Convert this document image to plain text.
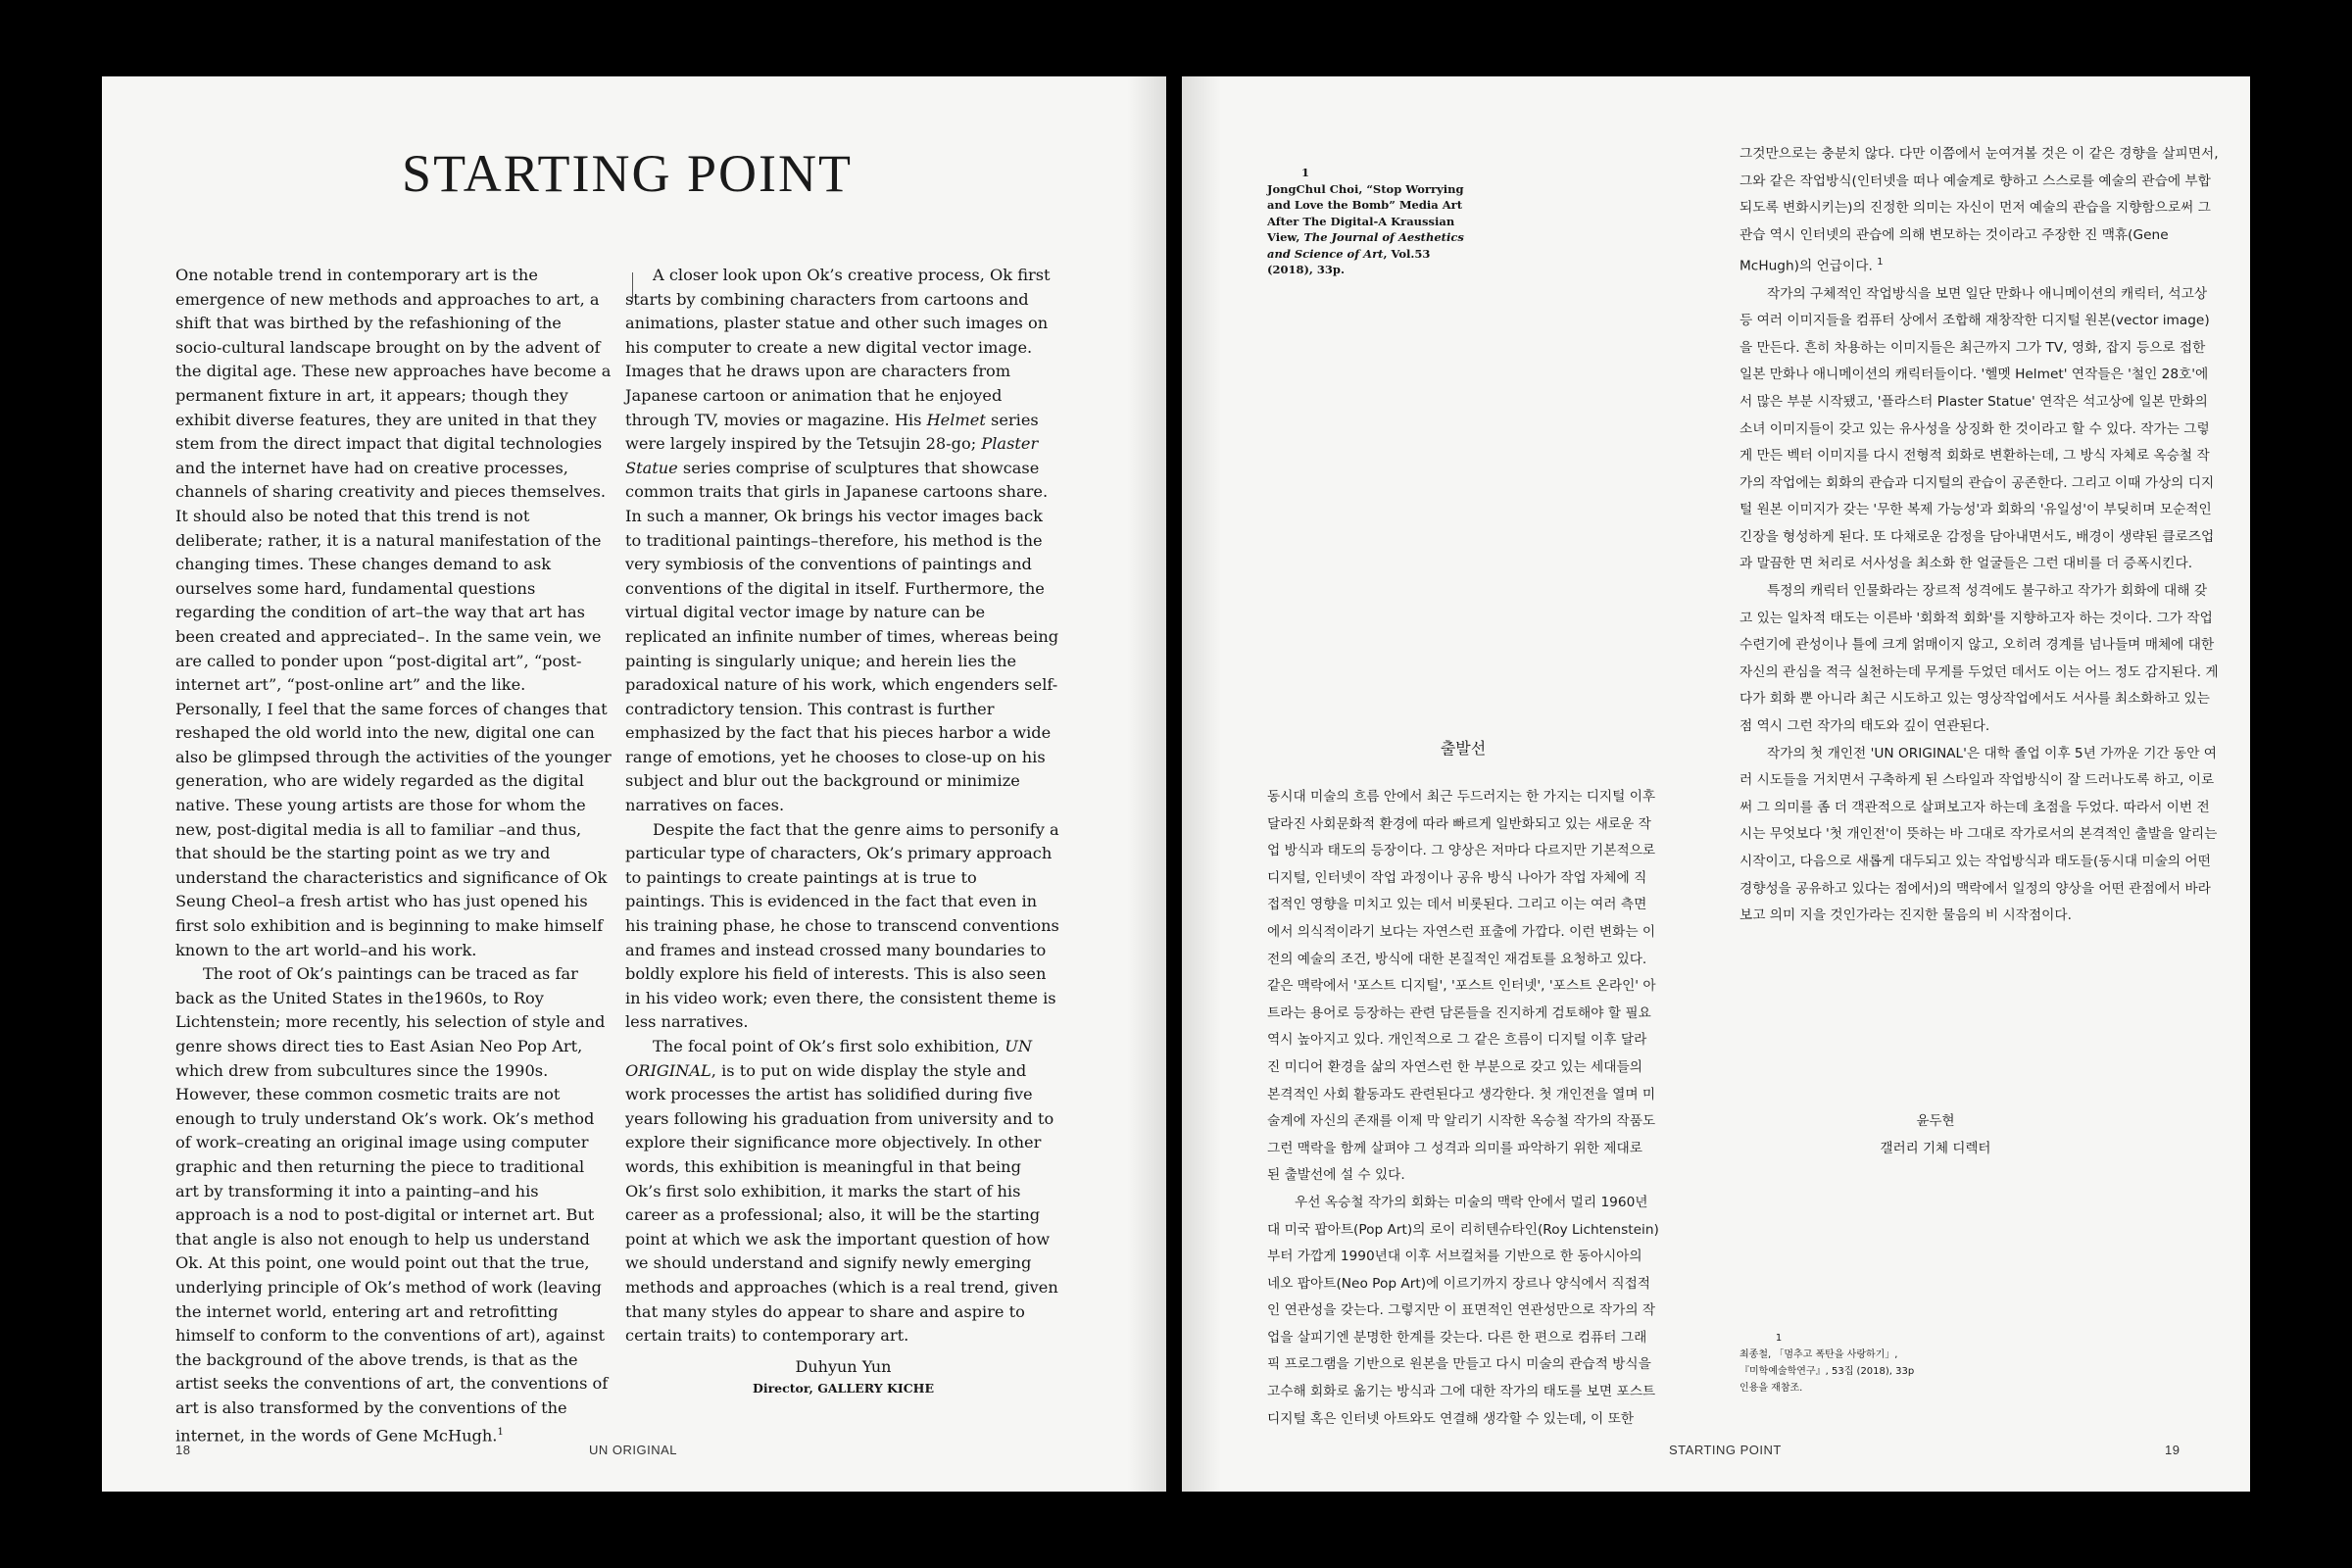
STARTING POINT

One notable trend in contemporary art is the emergence of new methods and approaches to art, a shift that was birthed by the refashioning of the socio-cultural landscape brought on by the advent of the digital age. These new approaches have become a permanent fixture in art, it appears; though they exhibit diverse features, they are united in that they stem from the direct impact that digital technologies and the internet have had on creative processes, channels of sharing creativity and pieces themselves. It should also be noted that this trend is not deliberate; rather, it is a natural manifestation of the changing times. These changes demand to ask ourselves some hard, fundamental questions regarding the condition of art–the way that art has been created and appreciated–. In the same vein, we are called to ponder upon “post-digital art”, “post-internet art”, “post-online art” and the like. Personally, I feel that the same forces of changes that reshaped the old world into the new, digital one can also be glimpsed through the activities of the younger generation, who are widely regarded as the digital native. These young artists are those for whom the new, post-digital media is all to familiar –and thus, that should be the starting point as we try and understand the characteristics and significance of Ok Seung Cheol–a fresh artist who has just opened his first solo exhibition and is beginning to make himself known to the art world–and his work.

The root of Ok’s paintings can be traced as far back as the United States in the1960s, to Roy Lichtenstein; more recently, his selection of style and genre shows direct ties to East Asian Neo Pop Art, which drew from subcultures since the 1990s. However, these common cosmetic traits are not enough to truly understand Ok’s work. Ok’s method of work–creating an original image using computer graphic and then returning the piece to traditional art by transforming it into a painting–and his approach is a nod to post-digital or internet art. But that angle is also not enough to help us understand Ok. At this point, one would point out that the true, underlying principle of Ok’s method of work (leaving the internet world, entering art and retrofitting himself to conform to the conventions of art), against the background of the above trends, is that as the artist seeks the conventions of art, the conventions of art is also transformed by the conventions of the internet, in the words of Gene McHugh.$^1$

A closer look upon Ok’s creative process, Ok first starts by combining characters from cartoons and animations, plaster statue and other such images on his computer to create a new digital vector image. Images that he draws upon are characters from Japanese cartoon or animation that he enjoyed through TV, movies or magazine. His Helmet series were largely inspired by the Tetsujin 28-go; Plaster Statue series comprise of sculptures that showcase common traits that girls in Japanese cartoons share. In such a manner, Ok brings his vector images back to traditional paintings–therefore, his method is the very symbiosis of the conventions of paintings and conventions of the digital in itself. Furthermore, the virtual digital vector image by nature can be replicated an infinite number of times, whereas being painting is singularly unique; and herein lies the paradoxical nature of his work, which engenders self-contradictory tension. This contrast is further emphasized by the fact that his pieces harbor a wide range of emotions, yet he chooses to close-up on his subject and blur out the background or minimize narratives on faces.

Despite the fact that the genre aims to personify a particular type of characters, Ok’s primary approach to paintings to create paintings at is true to paintings. This is evidenced in the fact that even in his training phase, he chose to transcend conventions and frames and instead crossed many boundaries to boldly explore his field of interests. This is also seen in his video work; even there, the consistent theme is less narratives.

The focal point of Ok’s first solo exhibition, UN ORIGINAL, is to put on wide display the style and work processes the artist has solidified during five years following his graduation from university and to explore their significance more objectively. In other words, this exhibition is meaningful in that being Ok’s first solo exhibition, it marks the start of his career as a professional; also, it will be the starting point at which we ask the important question of how we should understand and signify newly emerging methods and approaches (which is a real trend, given that many styles do appear to share and aspire to certain traits) to contemporary art.

Duhyun Yun
Director, GALLERY KICHE
18	UN ORIGINAL
1
JongChul Choi, “Stop Worrying and Love the Bomb” Media Art After The Digital-A Kraussian View, The Journal of Aesthetics and Science of Art, Vol.53 (2018), 33p.

그것만으로는 충분치 않다. 다만 이쯤에서 눈여겨볼 것은 이 같은 경향을 살피면서, 그와 같은 작업방식(인터넷을 떠나 예술계로 향하고 스스로를 예술의 관습에 부합되도록 변화시키는)의 진정한 의미는 자신이 먼저 예술의 관습을 지향함으로써 그 관습 역시 인터넷의 관습에 의해 변모하는 것이라고 주장한 진 맥휴(Gene McHugh)의 언급이다. $^1$

작가의 구체적인 작업방식을 보면 일단 만화나 애니메이션의 캐릭터, 석고상 등 여러 이미지들을 컴퓨터 상에서 조합해 재창작한 디지털 원본(vector image)을 만든다. 흔히 차용하는 이미지들은 최근까지 그가 TV, 영화, 잡지 등으로 접한 일본 만화나 애니메이션의 캐릭터들이다. '헬멧 Helmet' 연작들은 '철인 28호'에서 많은 부분 시작됐고, '플라스터 Plaster Statue' 연작은 석고상에 일본 만화의 소녀 이미지들이 갖고 있는 유사성을 상징화 한 것이라고 할 수 있다. 작가는 그렇게 만든 벡터 이미지를 다시 전형적 회화로 변환하는데, 그 방식 자체로 옥승철 작가의 작업에는 회화의 관습과 디지털의 관습이 공존한다. 그리고 이때 가상의 디지털 원본 이미지가 갖는 '무한 복제 가능성'과 회화의 '유일성'이 부딪히며 모순적인 긴장을 형성하게 된다. 또 다채로운 감정을 담아내면서도, 배경이 생략된 클로즈업과 말끔한 면 처리로 서사성을 최소화 한 얼굴들은 그런 대비를 더 증폭시킨다.

특정의 캐릭터 인물화라는 장르적 성격에도 불구하고 작가가 회화에 대해 갖고 있는 일차적 태도는 이른바 '회화적 회화'를 지향하고자 하는 것이다. 그가 작업 수련기에 관성이나 틀에 크게 얽매이지 않고, 오히려 경계를 넘나들며 매체에 대한 자신의 관심을 적극 실천하는데 무게를 두었던 데서도 이는 어느 정도 감지된다. 게다가 회화 뿐 아니라 최근 시도하고 있는 영상작업에서도 서사를 최소화하고 있는 점 역시 그런 작가의 태도와 깊이 연관된다.

작가의 첫 개인전 'UN ORIGINAL'은 대학 졸업 이후 5년 가까운 기간 동안 여러 시도들을 거치면서 구축하게 된 스타일과 작업방식이 잘 드러나도록 하고, 이로써 그 의미를 좀 더 객관적으로 살펴보고자 하는데 초점을 두었다. 따라서 이번 전시는 무엇보다 '첫 개인전'이 뜻하는 바 그대로 작가로서의 본격적인 출발을 알리는 시작이고, 다음으로 새롭게 대두되고 있는 작업방식과 태도들(동시대 미술의 어떤 경향성을 공유하고 있다는 점에서)의 맥락에서 일정의 양상을 어떤 관점에서 바라보고 의미 지을 것인가라는 진지한 물음의 비 시작점이다.

출발선

동시대 미술의 흐름 안에서 최근 두드러지는 한 가지는 디지털 이후 달라진 사회문화적 환경에 따라 빠르게 일반화되고 있는 새로운 작업 방식과 태도의 등장이다. 그 양상은 저마다 다르지만 기본적으로 디지털, 인터넷이 작업 과정이나 공유 방식 나아가 작업 자체에 직접적인 영향을 미치고 있는 데서 비롯된다. 그리고 이는 여러 측면에서 의식적이라기 보다는 자연스런 표출에 가깝다. 이런 변화는 이전의 예술의 조건, 방식에 대한 본질적인 재검토를 요청하고 있다. 같은 맥락에서 '포스트 디지털', '포스트 인터넷', '포스트 온라인' 아트라는 용어로 등장하는 관련 담론들을 진지하게 검토해야 할 필요 역시 높아지고 있다. 개인적으로 그 같은 흐름이 디지털 이후 달라진 미디어 환경을 삶의 자연스런 한 부분으로 갖고 있는 세대들의 본격적인 사회 활동과도 관련된다고 생각한다. 첫 개인전을 열며 미술계에 자신의 존재를 이제 막 알리기 시작한 옥승철 작가의 작품도 그런 맥락을 함께 살펴야 그 성격과 의미를 파악하기 위한 제대로 된 출발선에 설 수 있다.

우선 옥승철 작가의 회화는 미술의 맥락 안에서 멀리 1960년대 미국 팝아트(Pop Art)의 로이 리히텐슈타인(Roy Lichtenstein)부터 가깝게 1990년대 이후 서브컬처를 기반으로 한 동아시아의 네오 팝아트(Neo Pop Art)에 이르기까지 장르나 양식에서 직접적인 연관성을 갖는다. 그렇지만 이 표면적인 연관성만으로 작가의 작업을 살피기엔 분명한 한계를 갖는다. 다른 한 편으로 컴퓨터 그래픽 프로그램을 기반으로 원본을 만들고 다시 미술의 관습적 방식을 고수해 회화로 옮기는 방식과 그에 대한 작가의 태도를 보면 포스트 디지털 혹은 인터넷 아트와도 연결해 생각할 수 있는데, 이 또한

윤두현
갤러리 기체 디렉터
1
최종철, 「멈추고 폭탄을 사랑하기」,
『미학예술학연구』, 53집 (2018), 33p
인용을 재참조.
STARTING POINT	19
